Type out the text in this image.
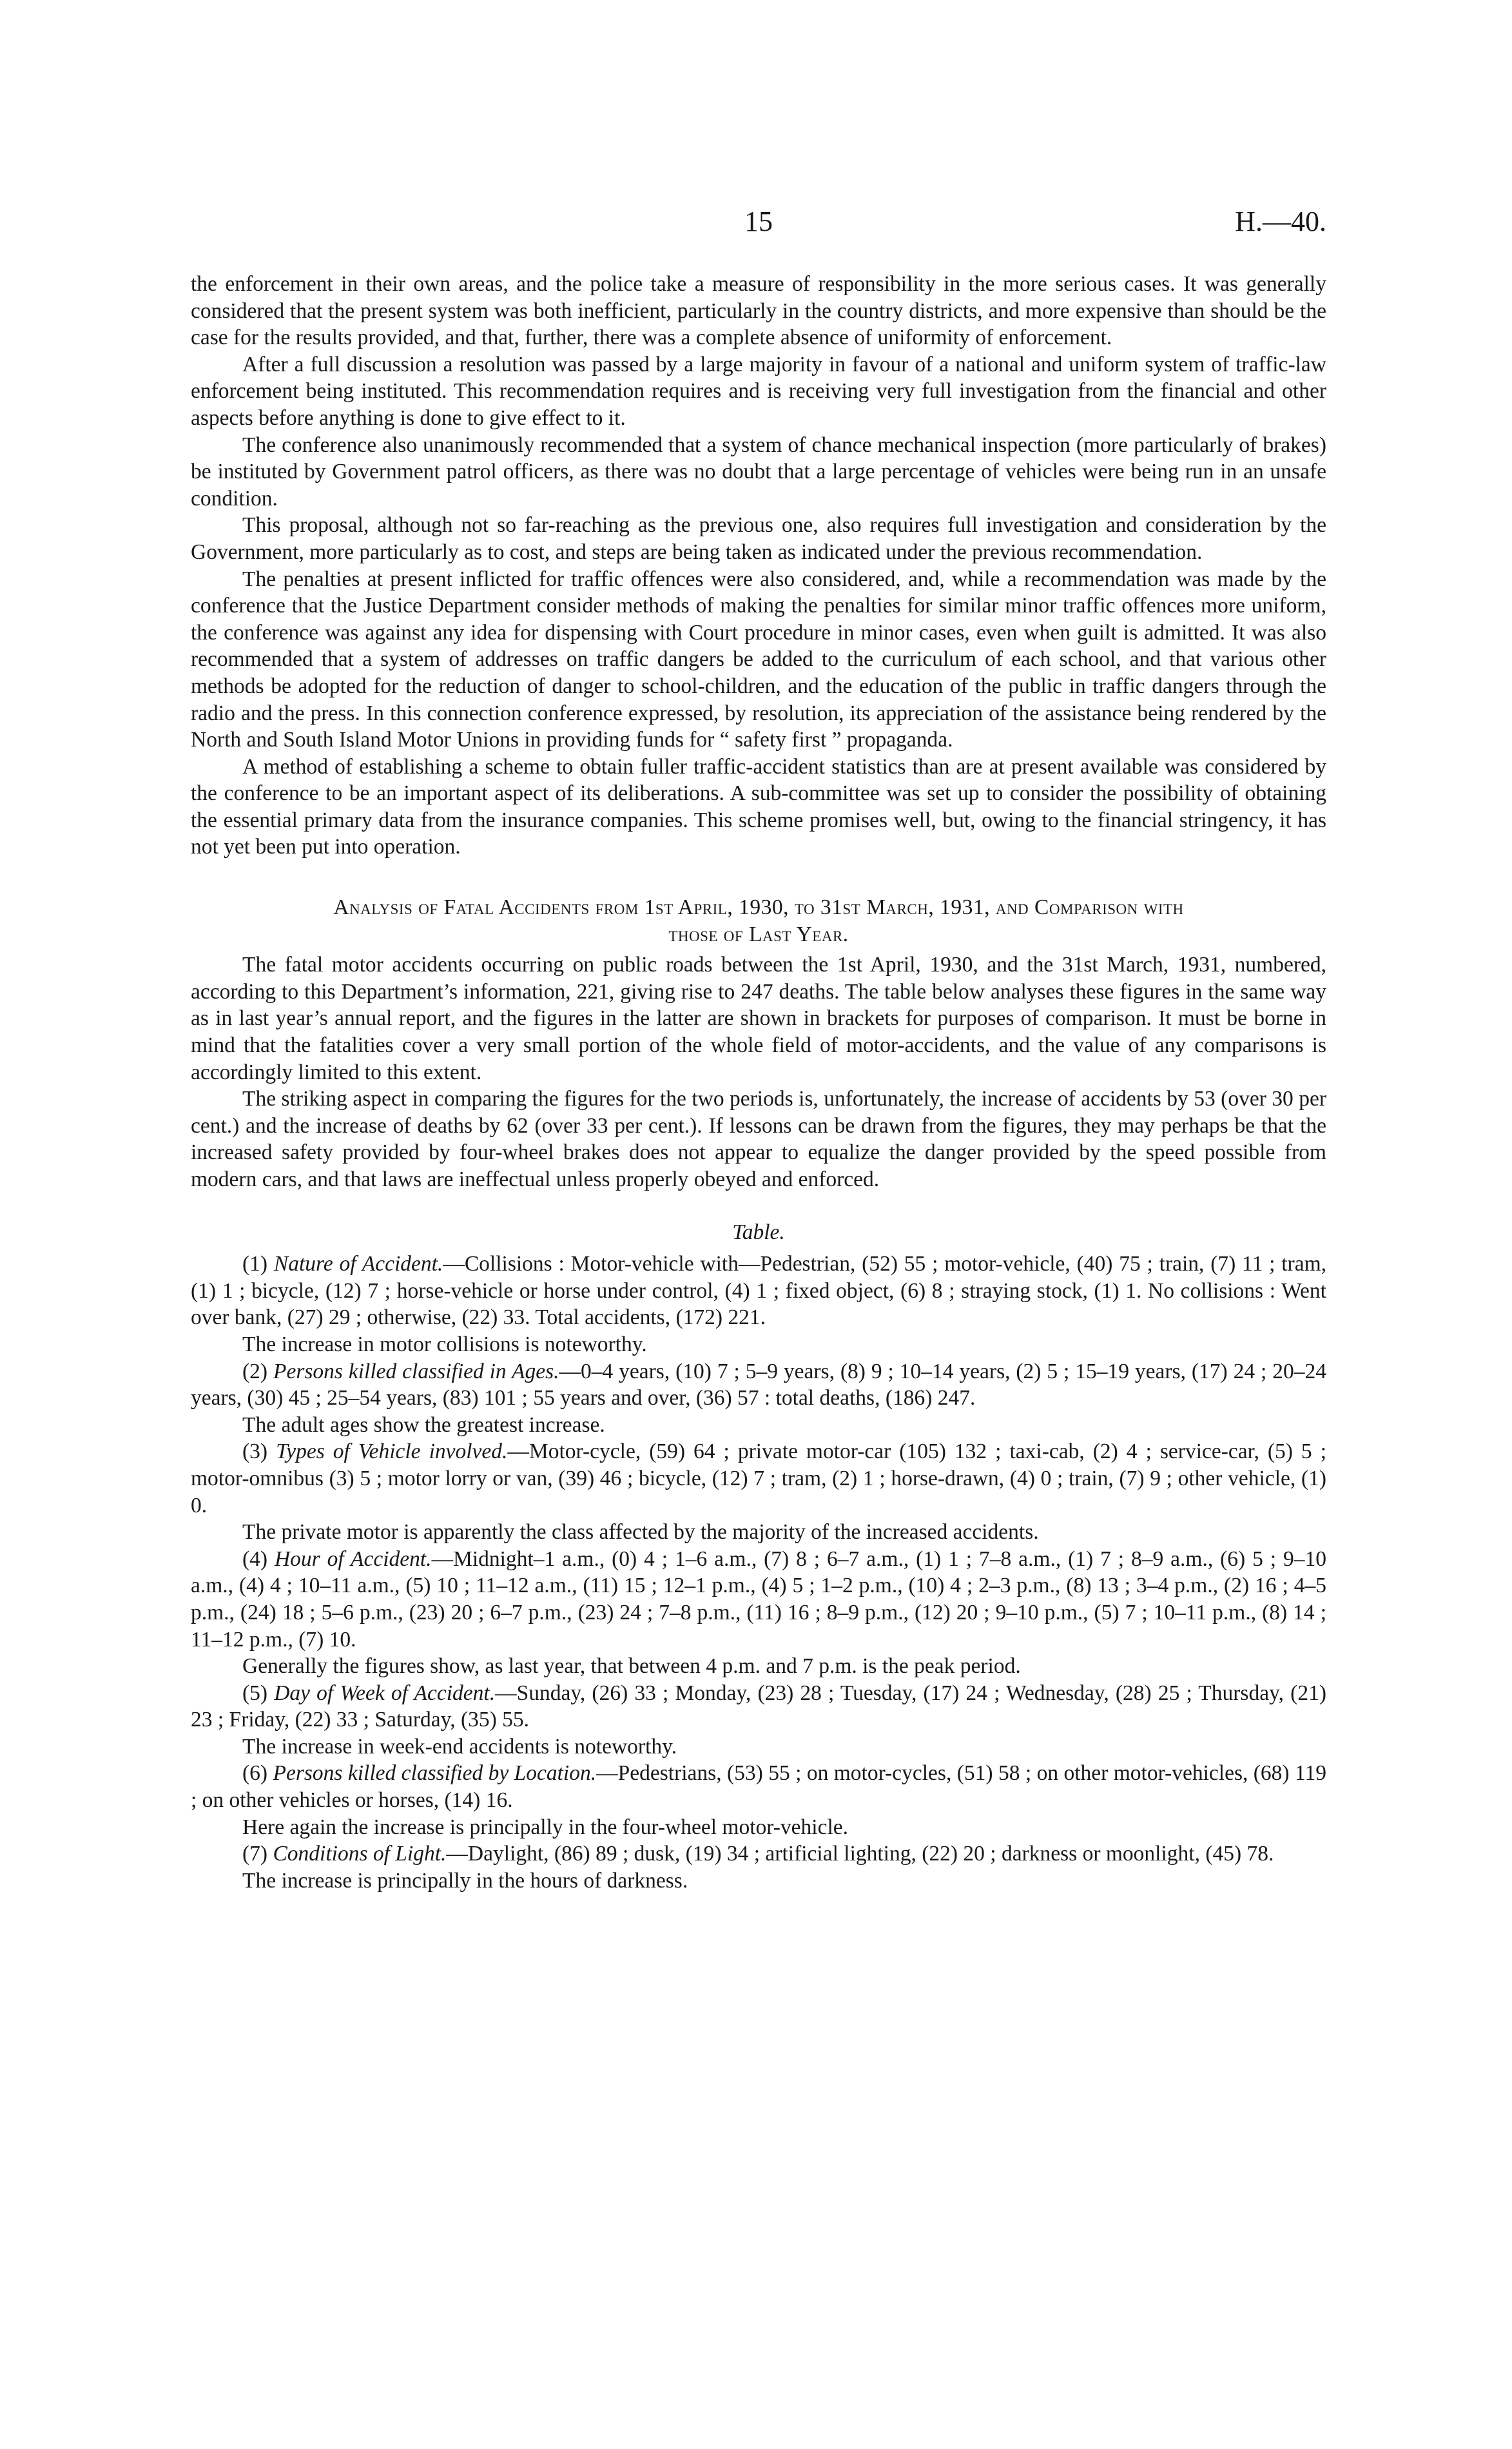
15	H.—40.

the enforcement in their own areas, and the police take a measure of responsibility in the more serious cases. It was generally considered that the present system was both inefficient, particularly in the country districts, and more expensive than should be the case for the results provided, and that, further, there was a complete absence of uniformity of enforcement.

After a full discussion a resolution was passed by a large majority in favour of a national and uniform system of traffic-law enforcement being instituted. This recommendation requires and is receiving very full investigation from the financial and other aspects before anything is done to give effect to it.

The conference also unanimously recommended that a system of chance mechanical inspection (more particularly of brakes) be instituted by Government patrol officers, as there was no doubt that a large percentage of vehicles were being run in an unsafe condition.

This proposal, although not so far-reaching as the previous one, also requires full investigation and consideration by the Government, more particularly as to cost, and steps are being taken as indicated under the previous recommendation.

The penalties at present inflicted for traffic offences were also considered, and, while a recommendation was made by the conference that the Justice Department consider methods of making the penalties for similar minor traffic offences more uniform, the conference was against any idea for dispensing with Court procedure in minor cases, even when guilt is admitted. It was also recommended that a system of addresses on traffic dangers be added to the curriculum of each school, and that various other methods be adopted for the reduction of danger to school-children, and the education of the public in traffic dangers through the radio and the press. In this connection conference expressed, by resolution, its appreciation of the assistance being rendered by the North and South Island Motor Unions in providing funds for “ safety first ” propaganda.

A method of establishing a scheme to obtain fuller traffic-accident statistics than are at present available was considered by the conference to be an important aspect of its deliberations. A sub-committee was set up to consider the possibility of obtaining the essential primary data from the insurance companies. This scheme promises well, but, owing to the financial stringency, it has not yet been put into operation.

Analysis of Fatal Accidents from 1st April, 1930, to 31st March, 1931, and Comparison with
those of Last Year.

The fatal motor accidents occurring on public roads between the 1st April, 1930, and the 31st March, 1931, numbered, according to this Department’s information, 221, giving rise to 247 deaths. The table below analyses these figures in the same way as in last year’s annual report, and the figures in the latter are shown in brackets for purposes of comparison. It must be borne in mind that the fatalities cover a very small portion of the whole field of motor-accidents, and the value of any comparisons is accordingly limited to this extent.

The striking aspect in comparing the figures for the two periods is, unfortunately, the increase of accidents by 53 (over 30 per cent.) and the increase of deaths by 62 (over 33 per cent.). If lessons can be drawn from the figures, they may perhaps be that the increased safety provided by four-wheel brakes does not appear to equalize the danger provided by the speed possible from modern cars, and that laws are ineffectual unless properly obeyed and enforced.

Table.

(1) Nature of Accident.—Collisions : Motor-vehicle with—Pedestrian, (52) 55 ; motor-vehicle, (40) 75 ; train, (7) 11 ; tram, (1) 1 ; bicycle, (12) 7 ; horse-vehicle or horse under control, (4) 1 ; fixed object, (6) 8 ; straying stock, (1) 1. No collisions : Went over bank, (27) 29 ; otherwise, (22) 33. Total accidents, (172) 221.

The increase in motor collisions is noteworthy.

(2) Persons killed classified in Ages.—0–4 years, (10) 7 ; 5–9 years, (8) 9 ; 10–14 years, (2) 5 ; 15–19 years, (17) 24 ; 20–24 years, (30) 45 ; 25–54 years, (83) 101 ; 55 years and over, (36) 57 : total deaths, (186) 247.

The adult ages show the greatest increase.

(3) Types of Vehicle involved.—Motor-cycle, (59) 64 ; private motor-car (105) 132 ; taxi-cab, (2) 4 ; service-car, (5) 5 ; motor-omnibus (3) 5 ; motor lorry or van, (39) 46 ; bicycle, (12) 7 ; tram, (2) 1 ; horse-drawn, (4) 0 ; train, (7) 9 ; other vehicle, (1) 0.

The private motor is apparently the class affected by the majority of the increased accidents.

(4) Hour of Accident.—Midnight–1 a.m., (0) 4 ; 1–6 a.m., (7) 8 ; 6–7 a.m., (1) 1 ; 7–8 a.m., (1) 7 ; 8–9 a.m., (6) 5 ; 9–10 a.m., (4) 4 ; 10–11 a.m., (5) 10 ; 11–12 a.m., (11) 15 ; 12–1 p.m., (4) 5 ; 1–2 p.m., (10) 4 ; 2–3 p.m., (8) 13 ; 3–4 p.m., (2) 16 ; 4–5 p.m., (24) 18 ; 5–6 p.m., (23) 20 ; 6–7 p.m., (23) 24 ; 7–8 p.m., (11) 16 ; 8–9 p.m., (12) 20 ; 9–10 p.m., (5) 7 ; 10–11 p.m., (8) 14 ; 11–12 p.m., (7) 10.

Generally the figures show, as last year, that between 4 p.m. and 7 p.m. is the peak period.

(5) Day of Week of Accident.—Sunday, (26) 33 ; Monday, (23) 28 ; Tuesday, (17) 24 ; Wednesday, (28) 25 ; Thursday, (21) 23 ; Friday, (22) 33 ; Saturday, (35) 55.

The increase in week-end accidents is noteworthy.

(6) Persons killed classified by Location.—Pedestrians, (53) 55 ; on motor-cycles, (51) 58 ; on other motor-vehicles, (68) 119 ; on other vehicles or horses, (14) 16.

Here again the increase is principally in the four-wheel motor-vehicle.

(7) Conditions of Light.—Daylight, (86) 89 ; dusk, (19) 34 ; artificial lighting, (22) 20 ; darkness or moonlight, (45) 78.

The increase is principally in the hours of darkness.
